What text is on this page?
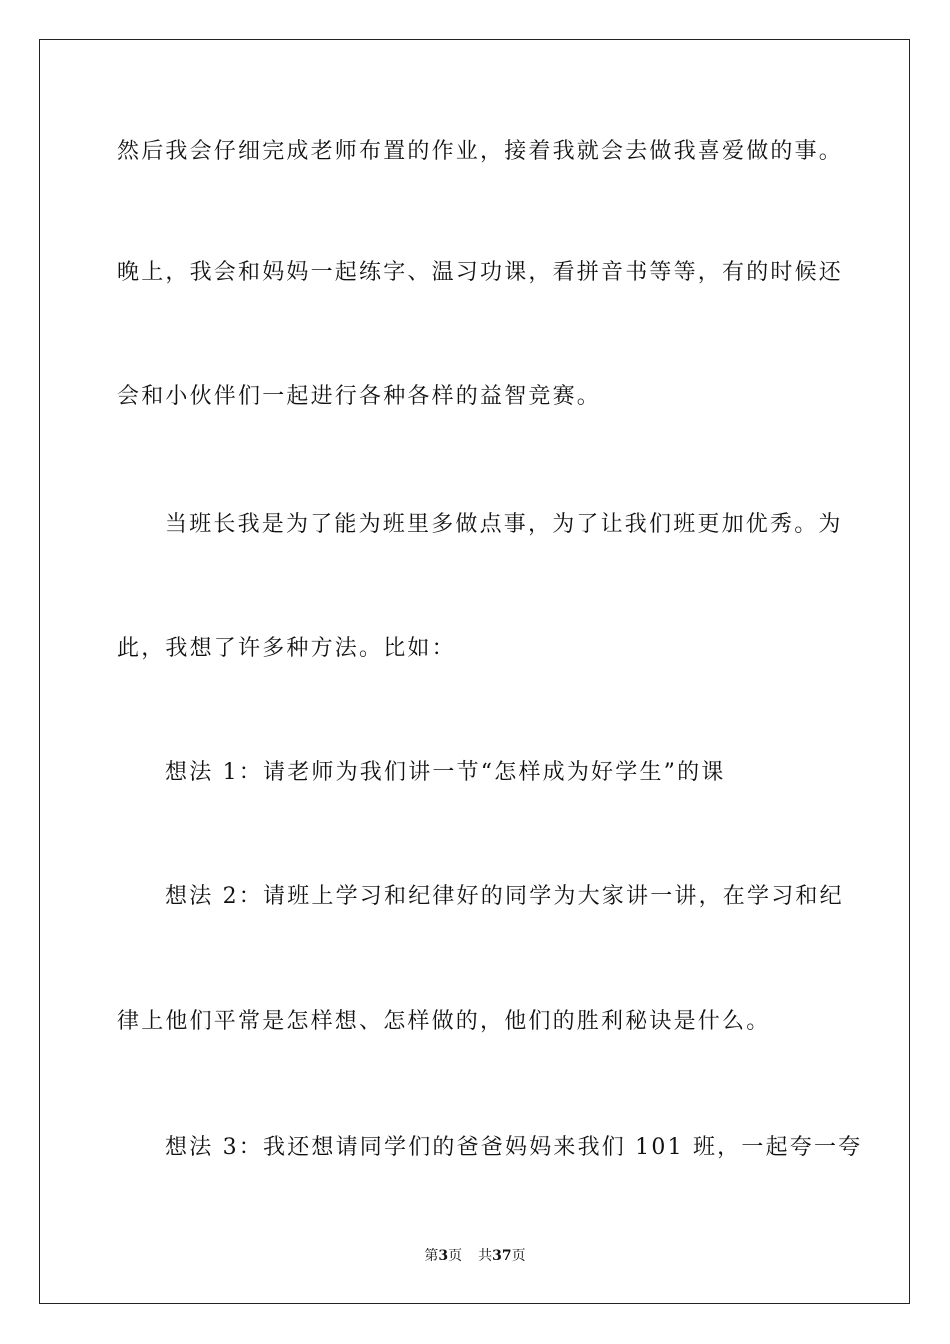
然后我会仔细完成老师布置的作业，接着我就会去做我喜爱做的事。
晚上，我会和妈妈一起练字、温习功课，看拼音书等等，有的时候还
会和小伙伴们一起进行各种各样的益智竞赛。
当班长我是为了能为班里多做点事，为了让我们班更加优秀。为
此，我想了许多种方法。比如：
想法 1：请老师为我们讲一节“怎样成为好学生”的课
想法 2：请班上学习和纪律好的同学为大家讲一讲，在学习和纪
律上他们平常是怎样想、怎样做的，他们的胜利秘诀是什么。
想法 3：我还想请同学们的爸爸妈妈来我们 101 班，一起夸一夸
第3页 共37页
